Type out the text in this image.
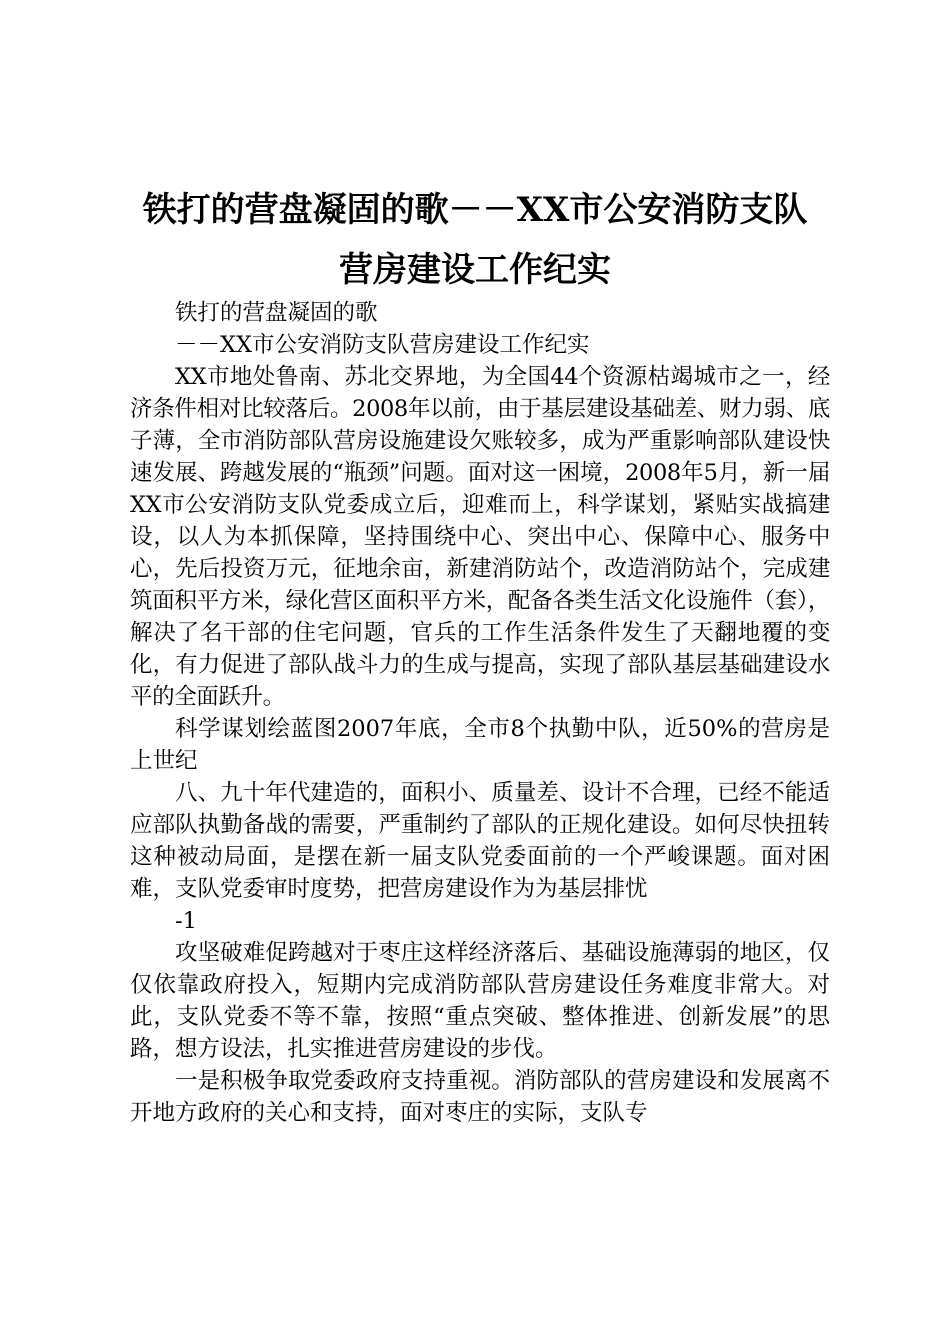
铁打的营盘凝固的歌－－XX市公安消防支队
营房建设工作纪实

铁打的营盘凝固的歌

－－XX市公安消防支队营房建设工作纪实

XX市地处鲁南、苏北交界地，为全国44个资源枯竭城市之一，经济条件相对比较落后。2008年以前，由于基层建设基础差、财力弱、底子薄，全市消防部队营房设施建设欠账较多，成为严重影响部队建设快速发展、跨越发展的“瓶颈”问题。面对这一困境，2008年5月，新一届XX市公安消防支队党委成立后，迎难而上，科学谋划，紧贴实战搞建设，以人为本抓保障，坚持围绕中心、突出中心、保障中心、服务中心，先后投资万元，征地余亩，新建消防站个，改造消防站个，完成建筑面积平方米，绿化营区面积平方米，配备各类生活文化设施件（套），解决了名干部的住宅问题，官兵的工作生活条件发生了天翻地覆的变化，有力促进了部队战斗力的生成与提高，实现了部队基层基础建设水平的全面跃升。

科学谋划绘蓝图2007年底，全市8个执勤中队，近50%的营房是上世纪

八、九十年代建造的，面积小、质量差、设计不合理，已经不能适应部队执勤备战的需要，严重制约了部队的正规化建设。如何尽快扭转这种被动局面，是摆在新一届支队党委面前的一个严峻课题。面对困难，支队党委审时度势，把营房建设作为为基层排忧

-1

攻坚破难促跨越对于枣庄这样经济落后、基础设施薄弱的地区，仅仅依靠政府投入，短期内完成消防部队营房建设任务难度非常大。对此，支队党委不等不靠，按照“重点突破、整体推进、创新发展”的思路，想方设法，扎实推进营房建设的步伐。

一是积极争取党委政府支持重视。消防部队的营房建设和发展离不开地方政府的关心和支持，面对枣庄的实际，支队专
